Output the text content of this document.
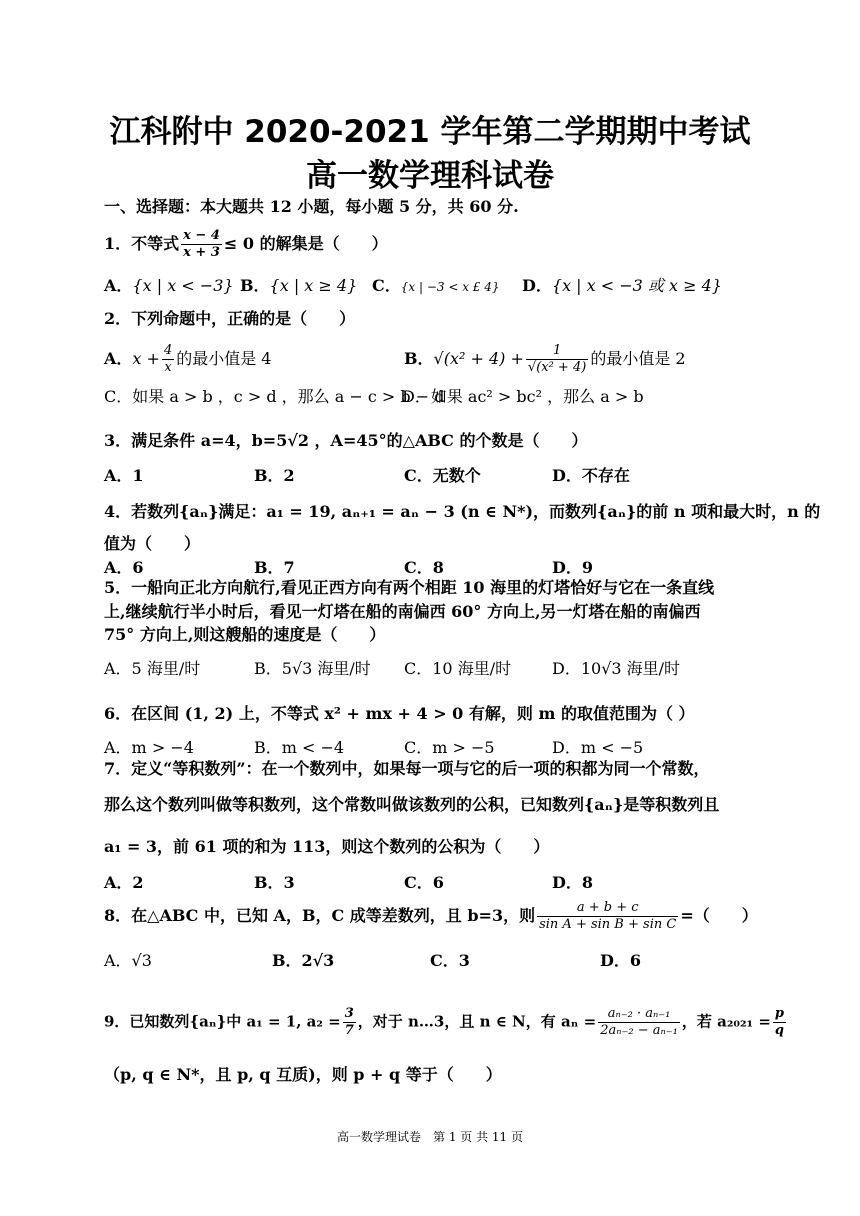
江科附中 2020-2021 学年第二学期期中考试
高一数学理科试卷
一、选择题：本大题共 12 小题，每小题 5 分，共 60 分.
1．不等式 $\frac{x - 4}{x + 3} \le 0$ 的解集是（　　）
A．{x | x < −3} B．{x | x ≥ 4} C．{x | −3 < x £ 4} D．{x | x < −3 或 x ≥ 4}
2．下列命题中，正确的是（　　）
A．$x + \frac{4}{x}$ 的最小值是 4	B．$√(x^2 + 4) + \frac{1}{\text{√(x² + 4)}}$ 的最小值是 2
C．如果 a > b ，c > d ，那么 a − c > b − d
D．如果 ac² > bc² ，那么 a > b
3．满足条件 a=4，b=5√2 ，A=45°的△ABC 的个数是（　　）
A．1	B．2	C．无数个	D．不存在
4．若数列{aₙ}满足：a₁ = 19, aₙ₊₁ = aₙ − 3 (n ∈ N*)，而数列{aₙ}的前 n 项和最大时，n 的
值为（　　）
A．6	B．7	C．8	D．9
5．一船向正北方向航行,看见正西方向有两个相距 10 海里的灯塔恰好与它在一条直线
上,继续航行半小时后，看见一灯塔在船的南偏西 60° 方向上,另一灯塔在船的南偏西
75° 方向上,则这艘船的速度是（　　）
A．5 海里/时	B．5√3 海里/时 C．10 海里/时	D．10√3 海里/时
6．在区间 (1, 2) 上，不等式 x² + mx + 4 > 0 有解，则 m 的取值范围为（ ）
A．m > −4	B．m < −4	C．m > −5	D．m < −5
7．定义“等积数列”：在一个数列中，如果每一项与它的后一项的积都为同一个常数，
那么这个数列叫做等积数列，这个常数叫做该数列的公积，已知数列{aₙ}是等积数列且
a₁ = 3，前 61 项的和为 113，则这个数列的公积为（　　）
A．2	B．3	C．6	D．8
8．在△ABC 中，已知 A，B，C 成等差数列，且 b=3，则 $\frac{a + b + c}{\text{sin A + sin B + sin C}}$ =（　　）
A．√3	B．2√3	C．3	D．6
9．已知数列{aₙ}中 a₁ = 1, $a_2 = \frac{3}{7}$ ，对于 n…3，且 n ∈ N，有 $a_n = \frac{\text{aₙ₋₂ · aₙ₋₁}}{\text{2aₙ₋₂ − aₙ₋₁}}$ ，若 $a_{2021} = \frac{p}{q}$
（p, q ∈ N*，且 p, q 互质)，则 p + q 等于（　　）
高一数学理试卷　第 1 页 共 11 页
